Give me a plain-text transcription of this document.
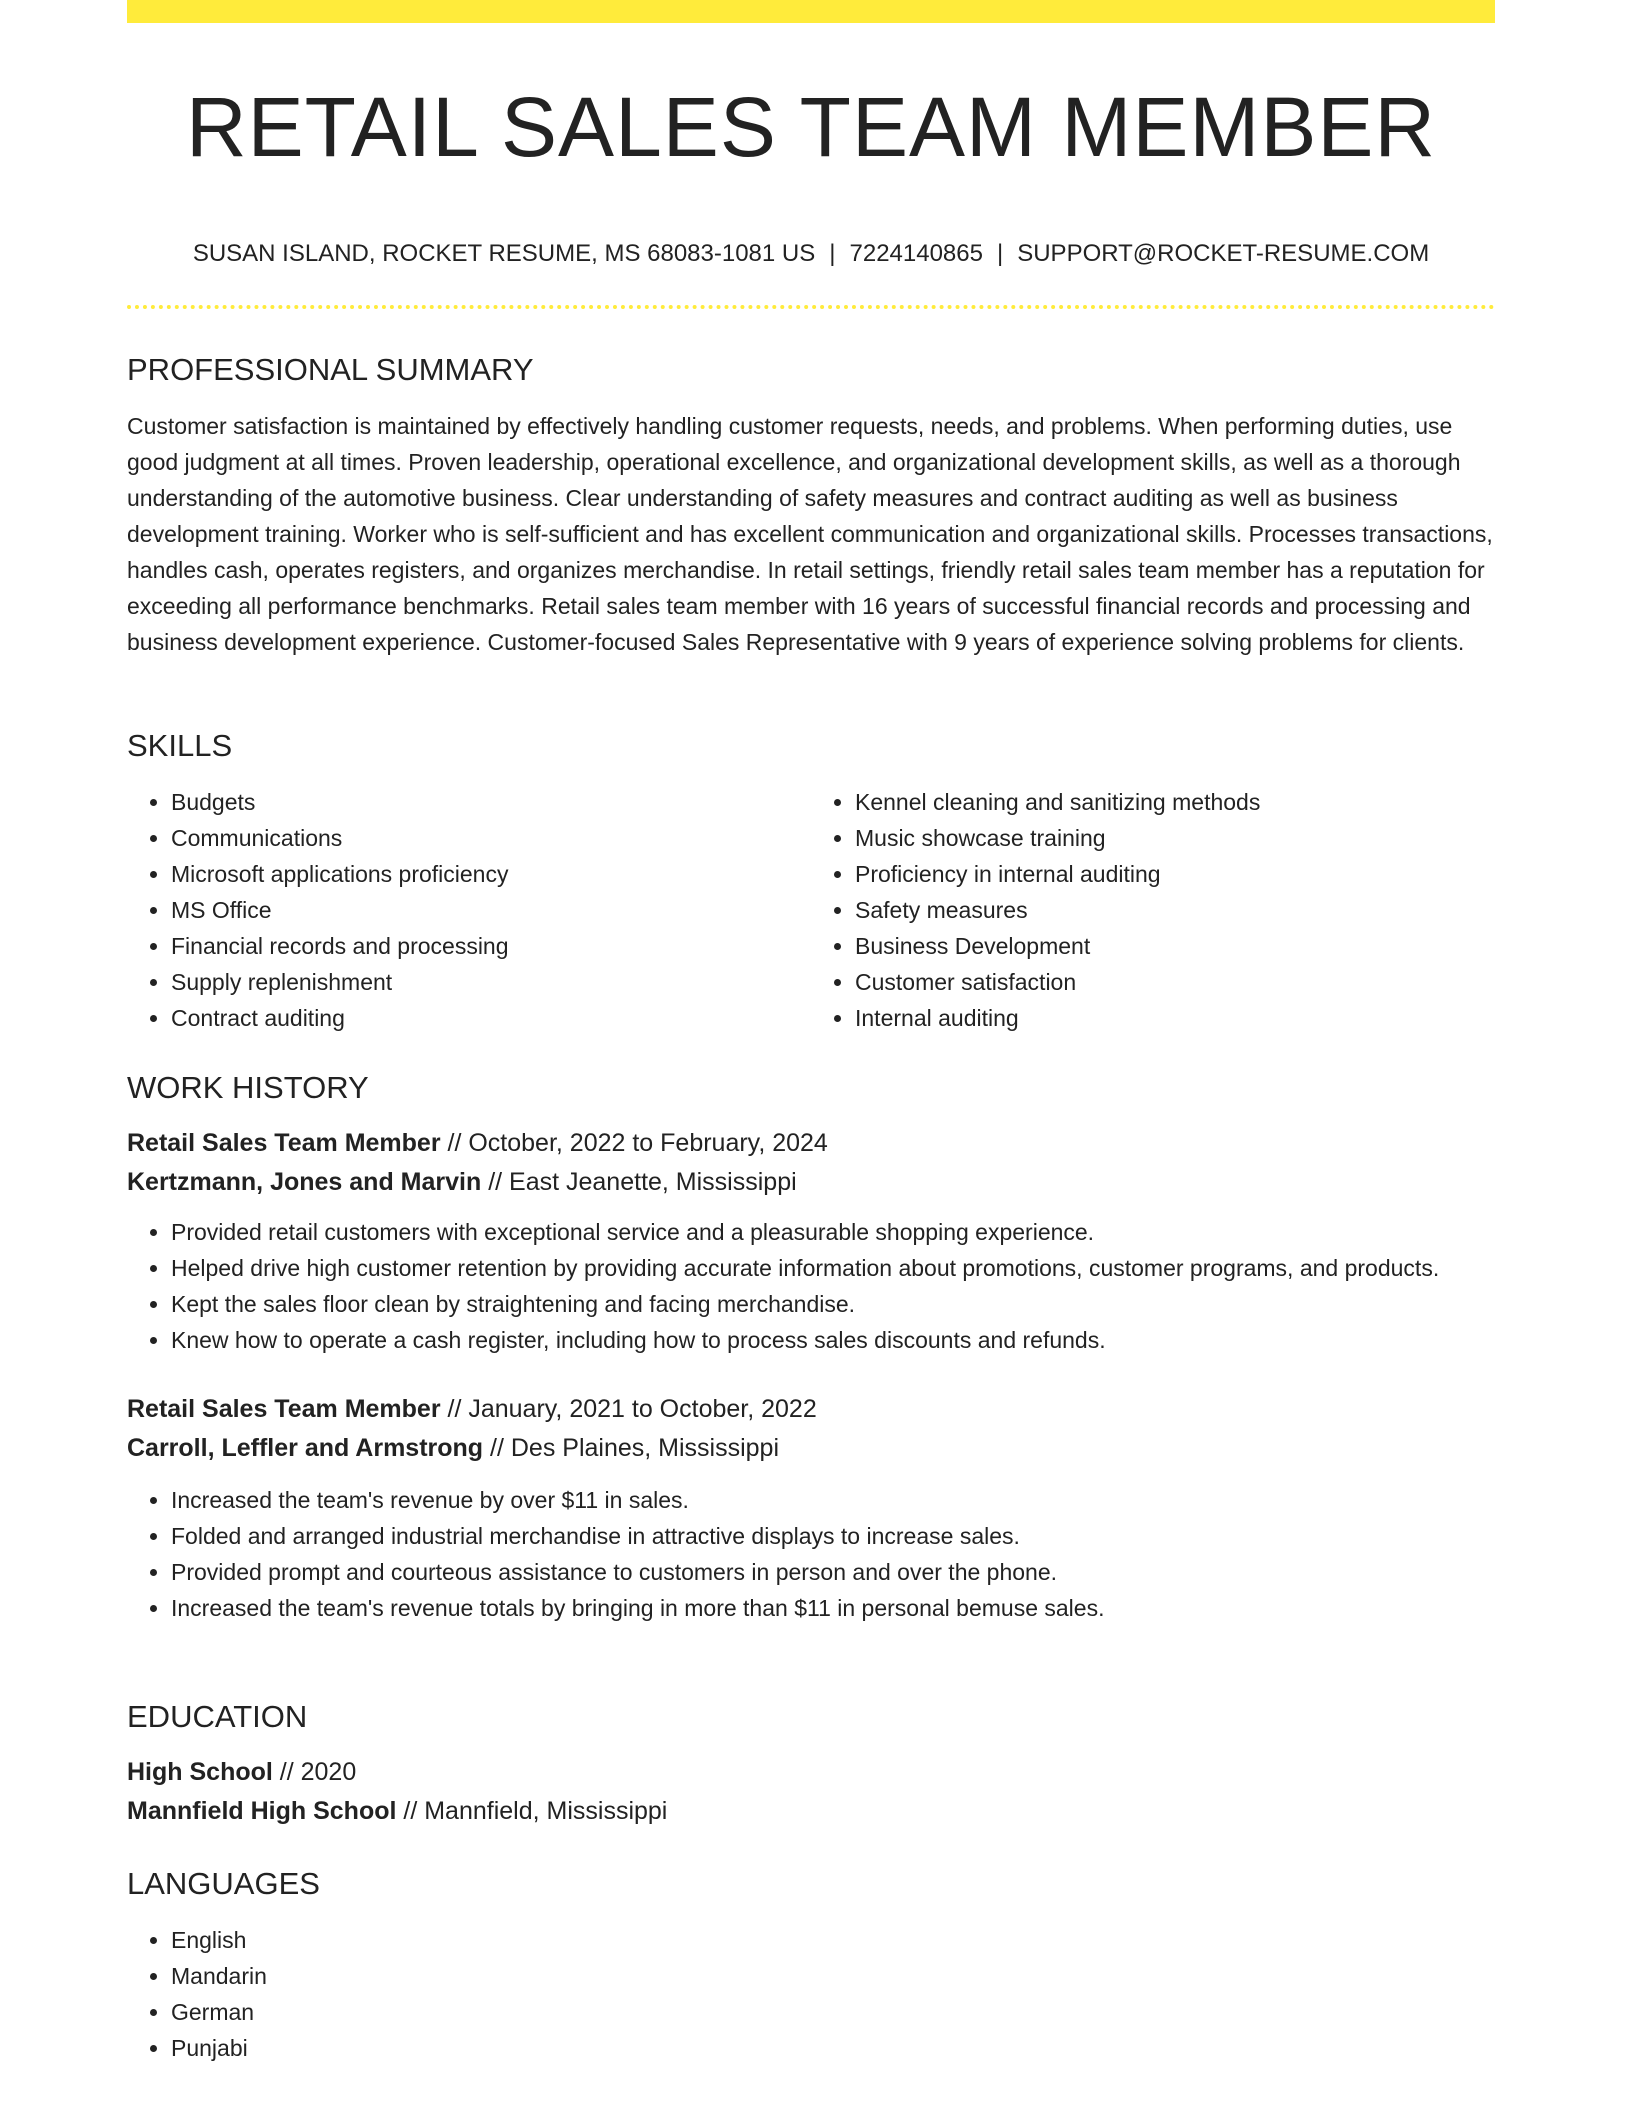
RETAIL SALES TEAM MEMBER
SUSAN ISLAND, ROCKET RESUME, MS 68083-1081 US | 7224140865 | SUPPORT@ROCKET-RESUME.COM
PROFESSIONAL SUMMARY

Customer satisfaction is maintained by effectively handling customer requests, needs, and problems. When performing duties, use good judgment at all times. Proven leadership, operational excellence, and organizational development skills, as well as a thorough understanding of the automotive business. Clear understanding of safety measures and contract auditing as well as business development training. Worker who is self-sufficient and has excellent communication and organizational skills. Processes transactions, handles cash, operates registers, and organizes merchandise. In retail settings, friendly retail sales team member has a reputation for exceeding all performance benchmarks. Retail sales team member with 16 years of successful financial records and processing and business development experience. Customer-focused Sales Representative with 9 years of experience solving problems for clients.

SKILLS
• Budgets
• Communications
• Microsoft applications proficiency
• MS Office
• Financial records and processing
• Supply replenishment
• Contract auditing
• Kennel cleaning and sanitizing methods
• Music showcase training
• Proficiency in internal auditing
• Safety measures
• Business Development
• Customer satisfaction
• Internal auditing
WORK HISTORY
Retail Sales Team Member // October, 2022 to February, 2024
Kertzmann, Jones and Marvin // East Jeanette, Mississippi
• Provided retail customers with exceptional service and a pleasurable shopping experience.
• Helped drive high customer retention by providing accurate information about promotions, customer programs, and products.
• Kept the sales floor clean by straightening and facing merchandise.
• Knew how to operate a cash register, including how to process sales discounts and refunds.
Retail Sales Team Member // January, 2021 to October, 2022
Carroll, Leffler and Armstrong // Des Plaines, Mississippi
• Increased the team's revenue by over $11 in sales.
• Folded and arranged industrial merchandise in attractive displays to increase sales.
• Provided prompt and courteous assistance to customers in person and over the phone.
• Increased the team's revenue totals by bringing in more than $11 in personal bemuse sales.
EDUCATION
High School // 2020
Mannfield High School // Mannfield, Mississippi
LANGUAGES
• English
• Mandarin
• German
• Punjabi
